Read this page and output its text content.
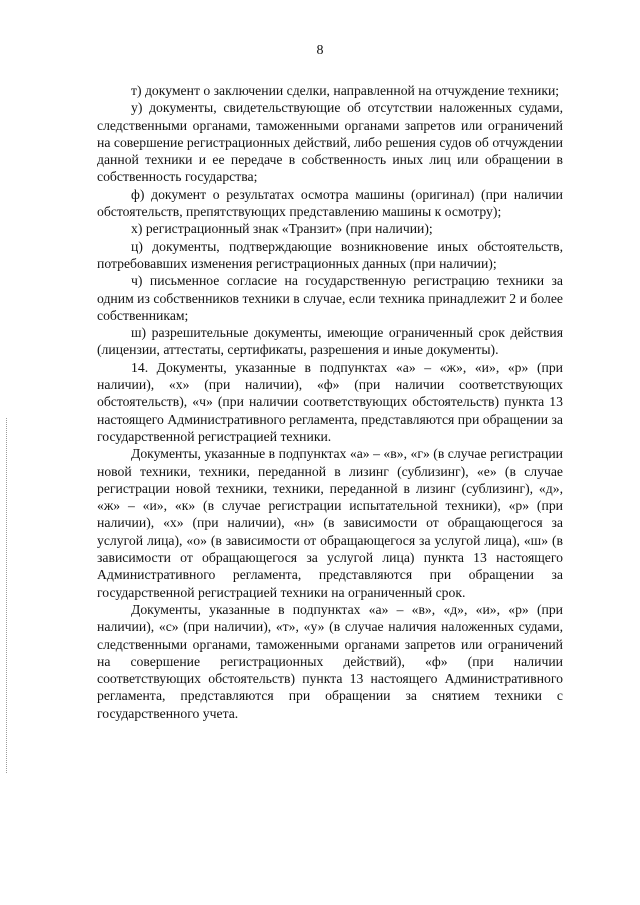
8

т) документ о заключении сделки, направленной на отчуждение техники;

у) документы, свидетельствующие об отсутствии наложенных судами, следственными органами, таможенными органами запретов или ограничений на совершение регистрационных действий, либо решения судов об отчуждении данной техники и ее передаче в собственность иных лиц или обращении в собственность государства;

ф) документ о результатах осмотра машины (оригинал) (при наличии обстоятельств, препятствующих представлению машины к осмотру);

х) регистрационный знак «Транзит» (при наличии);

ц) документы, подтверждающие возникновение иных обстоятельств, потребовавших изменения регистрационных данных (при наличии);

ч) письменное согласие на государственную регистрацию техники за одним из собственников техники в случае, если техника принадлежит 2 и более собственникам;

ш) разрешительные документы, имеющие ограниченный срок действия (лицензии, аттестаты, сертификаты, разрешения и иные документы).

14. Документы, указанные в подпунктах «а» – «ж», «и», «р» (при наличии), «х» (при наличии), «ф» (при наличии соответствующих обстоятельств), «ч» (при наличии соответствующих обстоятельств) пункта 13 настоящего Административного регламента, представляются при обращении за государственной регистрацией техники.

Документы, указанные в подпунктах «а» – «в», «г» (в случае регистрации новой техники, техники, переданной в лизинг (сублизинг), «е» (в случае регистрации новой техники, техники, переданной в лизинг (сублизинг), «д», «ж» – «и», «к» (в случае регистрации испытательной техники), «р» (при наличии), «х» (при наличии), «н» (в зависимости от обращающегося за услугой лица), «о» (в зависимости от обращающегося за услугой лица), «ш» (в зависимости от обращающегося за услугой лица) пункта 13 настоящего Административного регламента, представляются при обращении за государственной регистрацией техники на ограниченный срок.

Документы, указанные в подпунктах «а» – «в», «д», «и», «р» (при наличии), «с» (при наличии), «т», «у» (в случае наличия наложенных судами, следственными органами, таможенными органами запретов или ограничений на совершение регистрационных действий), «ф» (при наличии соответствующих обстоятельств) пункта 13 настоящего Административного регламента, представляются при обращении за снятием техники с государственного учета.
